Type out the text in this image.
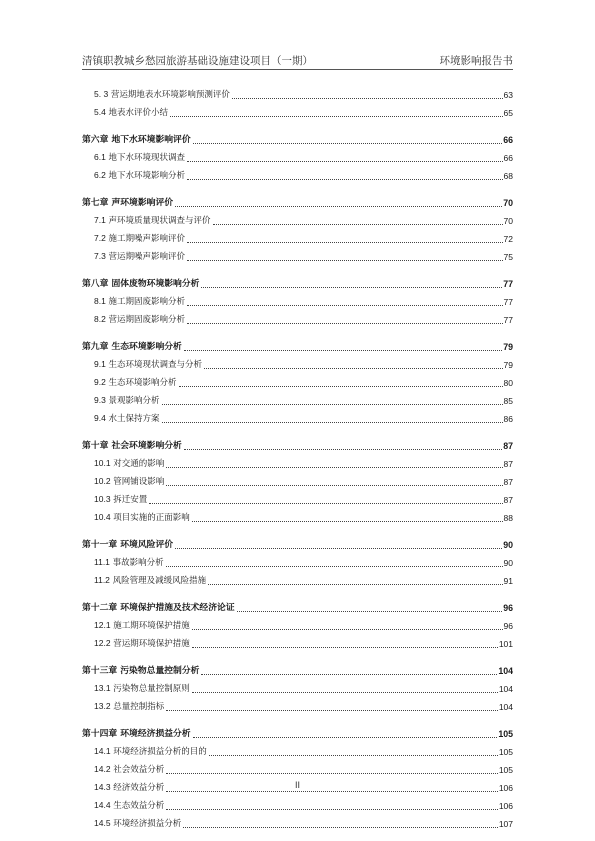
清镇职教城乡愁园旅游基础设施建设项目（一期）	环境影响报告书
5. 3 营运期地表水环境影响预测评价	63
5.4 地表水评价小结	65
第六章 地下水环境影响评价	66
6.1 地下水环境现状调查	66
6.2 地下水环境影响分析	68
第七章 声环境影响评价	70
7.1 声环境质量现状调查与评价	70
7.2 施工期噪声影响评价	72
7.3 营运期噪声影响评价	75
第八章 固体废物环境影响分析	77
8.1 施工期固废影响分析	77
8.2 营运期固废影响分析	77
第九章 生态环境影响分析	79
9.1 生态环境现状调查与分析	79
9.2 生态环境影响分析	80
9.3 景观影响分析	85
9.4 水土保持方案	86
第十章 社会环境影响分析	87
10.1 对交通的影响	87
10.2 管网铺设影响	87
10.3 拆迁安置	87
10.4 项目实施的正面影响	88
第十一章 环境风险评价	90
11.1 事故影响分析	90
11.2 风险管理及减缓风险措施	91
第十二章 环境保护措施及技术经济论证	96
12.1 施工期环境保护措施	96
12.2 营运期环境保护措施	101
第十三章 污染物总量控制分析	104
13.1 污染物总量控制原则	104
13.2 总量控制指标	104
第十四章 环境经济损益分析	105
14.1 环境经济损益分析的目的	105
14.2 社会效益分析	105
14.3 经济效益分析	106
14.4 生态效益分析	106
14.5 环境经济损益分析	107
II
